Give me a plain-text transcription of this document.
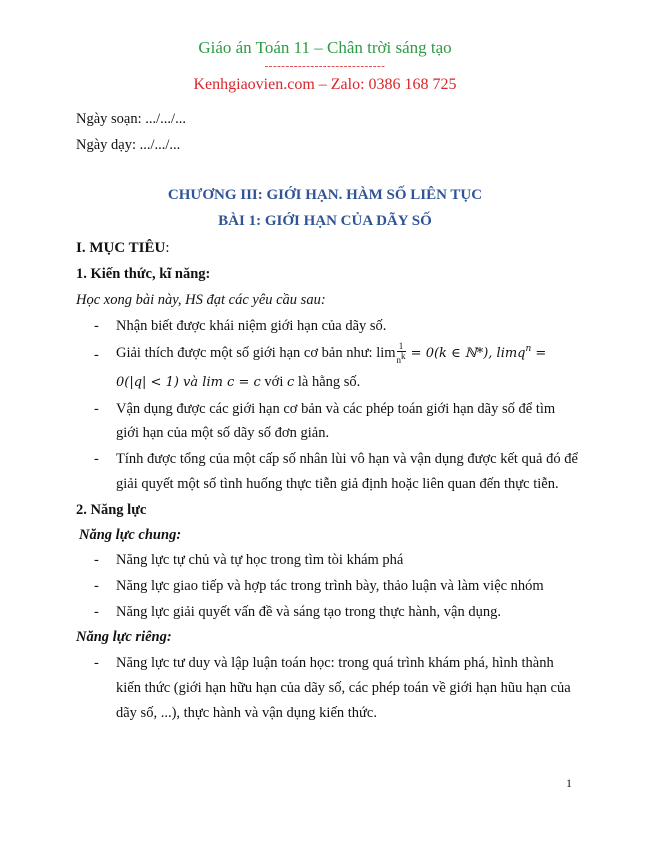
Giáo án Toán 11 – Chân trời sáng tạo
-----------------------------
Kenhgiaovien.com – Zalo: 0386 168 725
Ngày soạn: .../.../...
Ngày dạy: .../.../...
CHƯƠNG III: GIỚI HẠN. HÀM SỐ LIÊN TỤC
BÀI 1: GIỚI HẠN CỦA DÃY SỐ
I. MỤC TIÊU:
1. Kiến thức, kĩ năng:
Học xong bài này, HS đạt các yêu cầu sau:
- Nhận biết được khái niệm giới hạn của dãy số.
- Giải thích được một số giới hạn cơ bản như: $\lim \frac{1}{n^k} = 0(k$ ∈ ℕ*), limq$^n$ =
0(|q| < 1) và lim c = c với c là hằng số.
- Vận dụng được các giới hạn cơ bản và các phép toán giới hạn dãy số để tìm
giới hạn của một số dãy số đơn giản.
- Tính được tổng của một cấp số nhân lùi vô hạn và vận dụng được kết quả đó để
giải quyết một số tình huống thực tiễn giả định hoặc liên quan đến thực tiễn.
2. Năng lực
Năng lực chung:
- Năng lực tự chủ và tự học trong tìm tòi khám phá
- Năng lực giao tiếp và hợp tác trong trình bày, thảo luận và làm việc nhóm
- Năng lực giải quyết vấn đề và sáng tạo trong thực hành, vận dụng.
Năng lực riêng:
- Năng lực tư duy và lập luận toán học: trong quá trình khám phá, hình thành
kiến thức (giới hạn hữu hạn của dãy số, các phép toán về giới hạn hũu hạn của
dãy số, ...), thực hành và vận dụng kiến thức.
1
